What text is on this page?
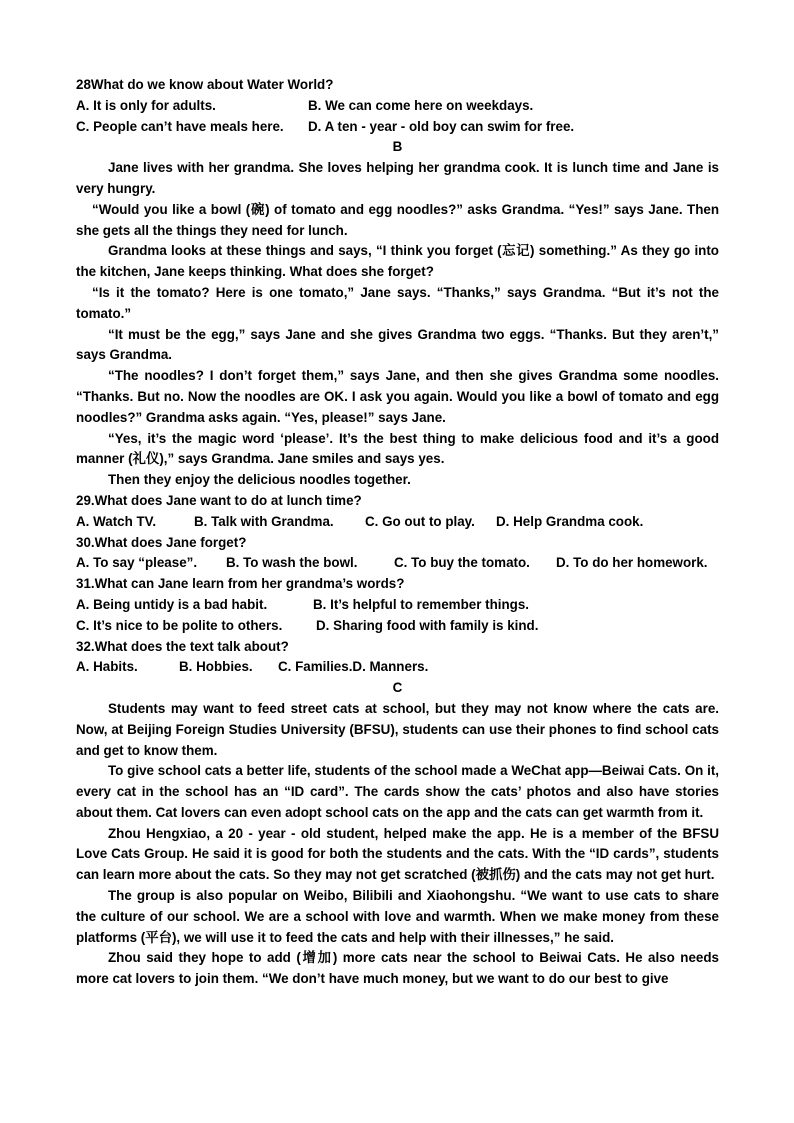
28What do we know about Water World?
A. It is only for adults.	B. We can come here on weekdays.
C. People can’t have meals here.	D. A ten - year - old boy can swim for free.
B
Jane lives with her grandma. She loves helping her grandma cook. It is lunch time and Jane is very hungry.
“Would you like a bowl (碗) of tomato and egg noodles?” asks Grandma. “Yes!” says Jane. Then she gets all the things they need for lunch.
Grandma looks at these things and says, “I think you forget (忘记) something.” As they go into the kitchen, Jane keeps thinking. What does she forget?
“Is it the tomato? Here is one tomato,” Jane says. “Thanks,” says Grandma. “But it’s not the tomato.”
“It must be the egg,” says Jane and she gives Grandma two eggs. “Thanks. But they aren’t,” says Grandma.
“The noodles? I don’t forget them,” says Jane, and then she gives Grandma some noodles. “Thanks. But no. Now the noodles are OK. I ask you again. Would you like a bowl of tomato and egg noodles?” Grandma asks again. “Yes, please!” says Jane.
“Yes, it’s the magic word ‘please’. It’s the best thing to make delicious food and it’s a good manner (礼仪),” says Grandma. Jane smiles and says yes.
Then they enjoy the delicious noodles together.
29.What does Jane want to do at lunch time?
A. Watch TV.	B. Talk with Grandma.	C. Go out to play.	D. Help Grandma cook.
30.What does Jane forget?
A. To say “please”.	B. To wash the bowl.	C. To buy the tomato.	D. To do her homework.
31.What can Jane learn from her grandma’s words?
A. Being untidy is a bad habit.	B. It’s helpful to remember things.
C. It’s nice to be polite to others.	D. Sharing food with family is kind.
32.What does the text talk about?
A. Habits.	B. Hobbies.	C. Families.D. Manners.
C
Students may want to feed street cats at school, but they may not know where the cats are. Now, at Beijing Foreign Studies University (BFSU), students can use their phones to find school cats and get to know them.
To give school cats a better life, students of the school made a WeChat app—Beiwai Cats. On it, every cat in the school has an “ID card”. The cards show the cats’ photos and also have stories about them. Cat lovers can even adopt school cats on the app and the cats can get warmth from it.
Zhou Hengxiao, a 20 - year - old student, helped make the app. He is a member of the BFSU Love Cats Group. He said it is good for both the students and the cats. With the “ID cards”, students can learn more about the cats. So they may not get scratched (被抓伤) and the cats may not get hurt.
The group is also popular on Weibo, Bilibili and Xiaohongshu. “We want to use cats to share the culture of our school. We are a school with love and warmth. When we make money from these platforms (平台), we will use it to feed the cats and help with their illnesses,” he said.
Zhou said they hope to add (增加) more cats near the school to Beiwai Cats. He also needs more cat lovers to join them. “We don’t have much money, but we want to do our best to give
